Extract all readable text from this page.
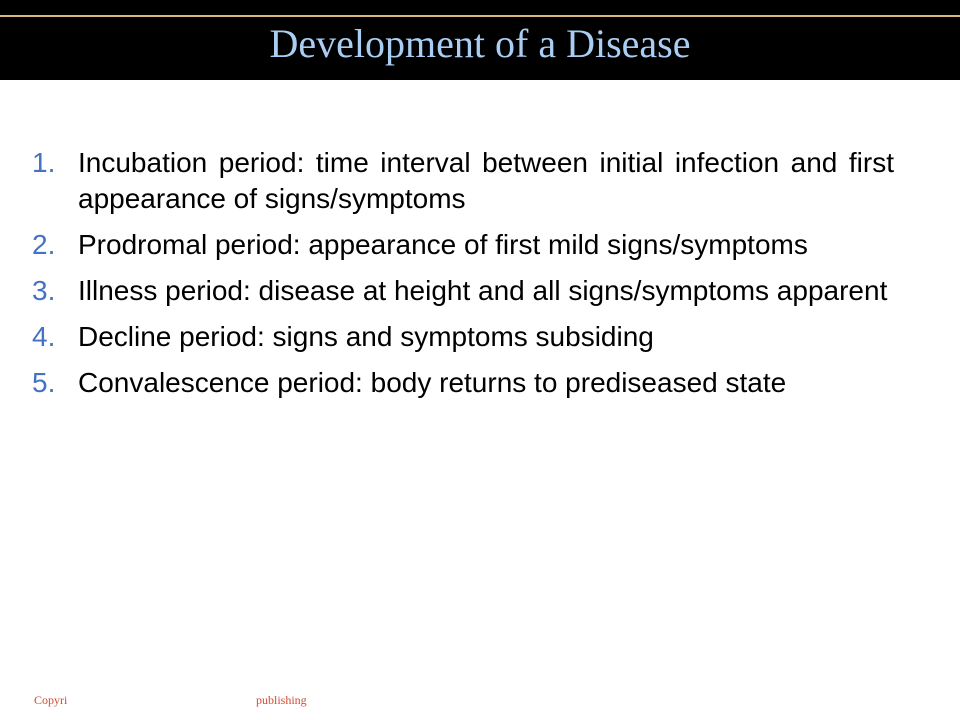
Development of a Disease
1. Incubation period: time interval between initial infection and first appearance of signs/symptoms
2. Prodromal period: appearance of first mild signs/symptoms
3. Illness period: disease at height and all signs/symptoms apparent
4. Decline period: signs and symptoms subsiding
5. Convalescence period: body returns to prediseased state
Copyri	publishing
